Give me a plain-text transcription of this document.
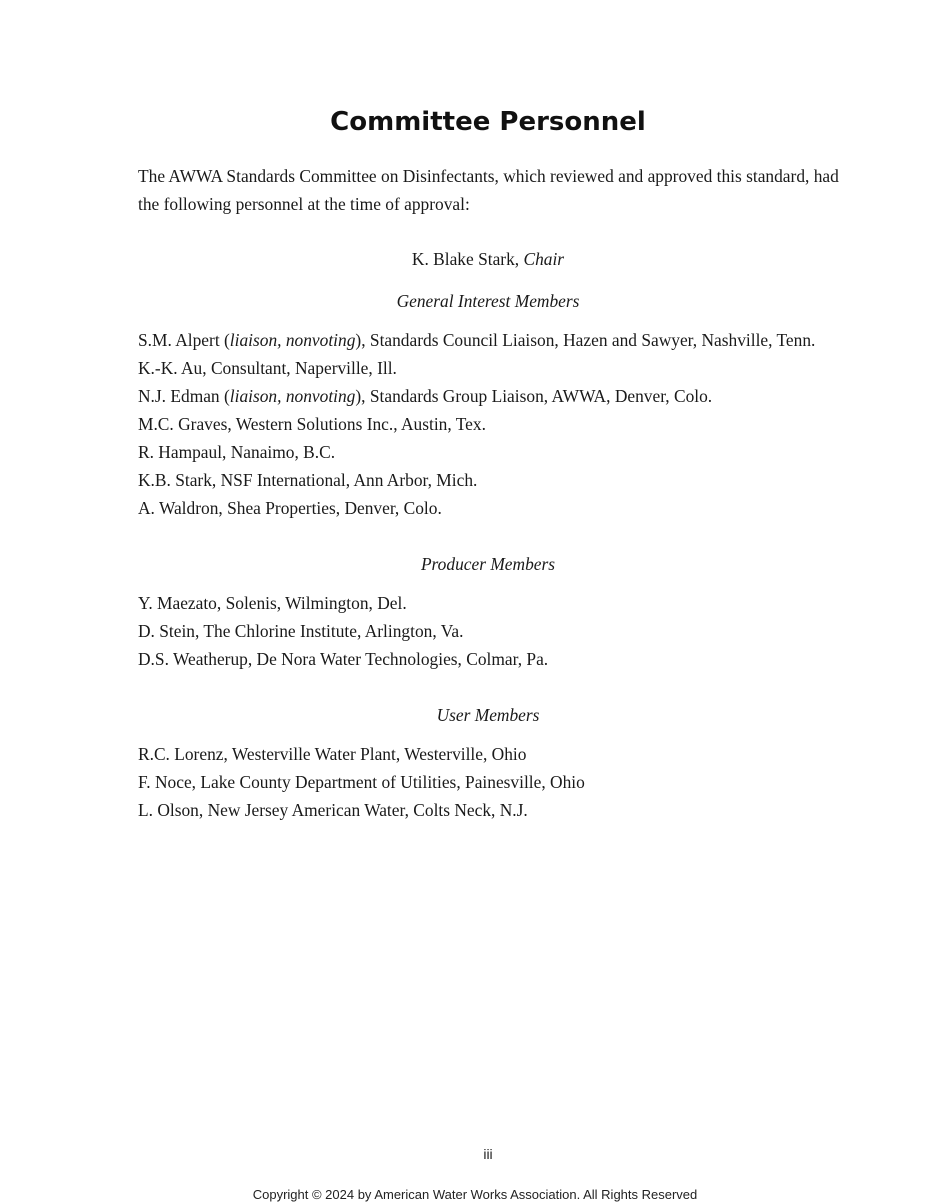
Committee Personnel

The AWWA Standards Committee on Disinfectants, which reviewed and approved this standard, had the following personnel at the time of approval:

K. Blake Stark, Chair

General Interest Members

S.M. Alpert (liaison, nonvoting), Standards Council Liaison, Hazen and Sawyer, Nashville, Tenn.
K.-K. Au, Consultant, Naperville, Ill.
N.J. Edman (liaison, nonvoting), Standards Group Liaison, AWWA, Denver, Colo.
M.C. Graves, Western Solutions Inc., Austin, Tex.
R. Hampaul, Nanaimo, B.C.
K.B. Stark, NSF International, Ann Arbor, Mich.
A. Waldron, Shea Properties, Denver, Colo.

Producer Members

Y. Maezato, Solenis, Wilmington, Del.
D. Stein, The Chlorine Institute, Arlington, Va.
D.S. Weatherup, De Nora Water Technologies, Colmar, Pa.

User Members

R.C. Lorenz, Westerville Water Plant, Westerville, Ohio
F. Noce, Lake County Department of Utilities, Painesville, Ohio
L. Olson, New Jersey American Water, Colts Neck, N.J.
iii
Copyright © 2024 by American Water Works Association. All Rights Reserved
